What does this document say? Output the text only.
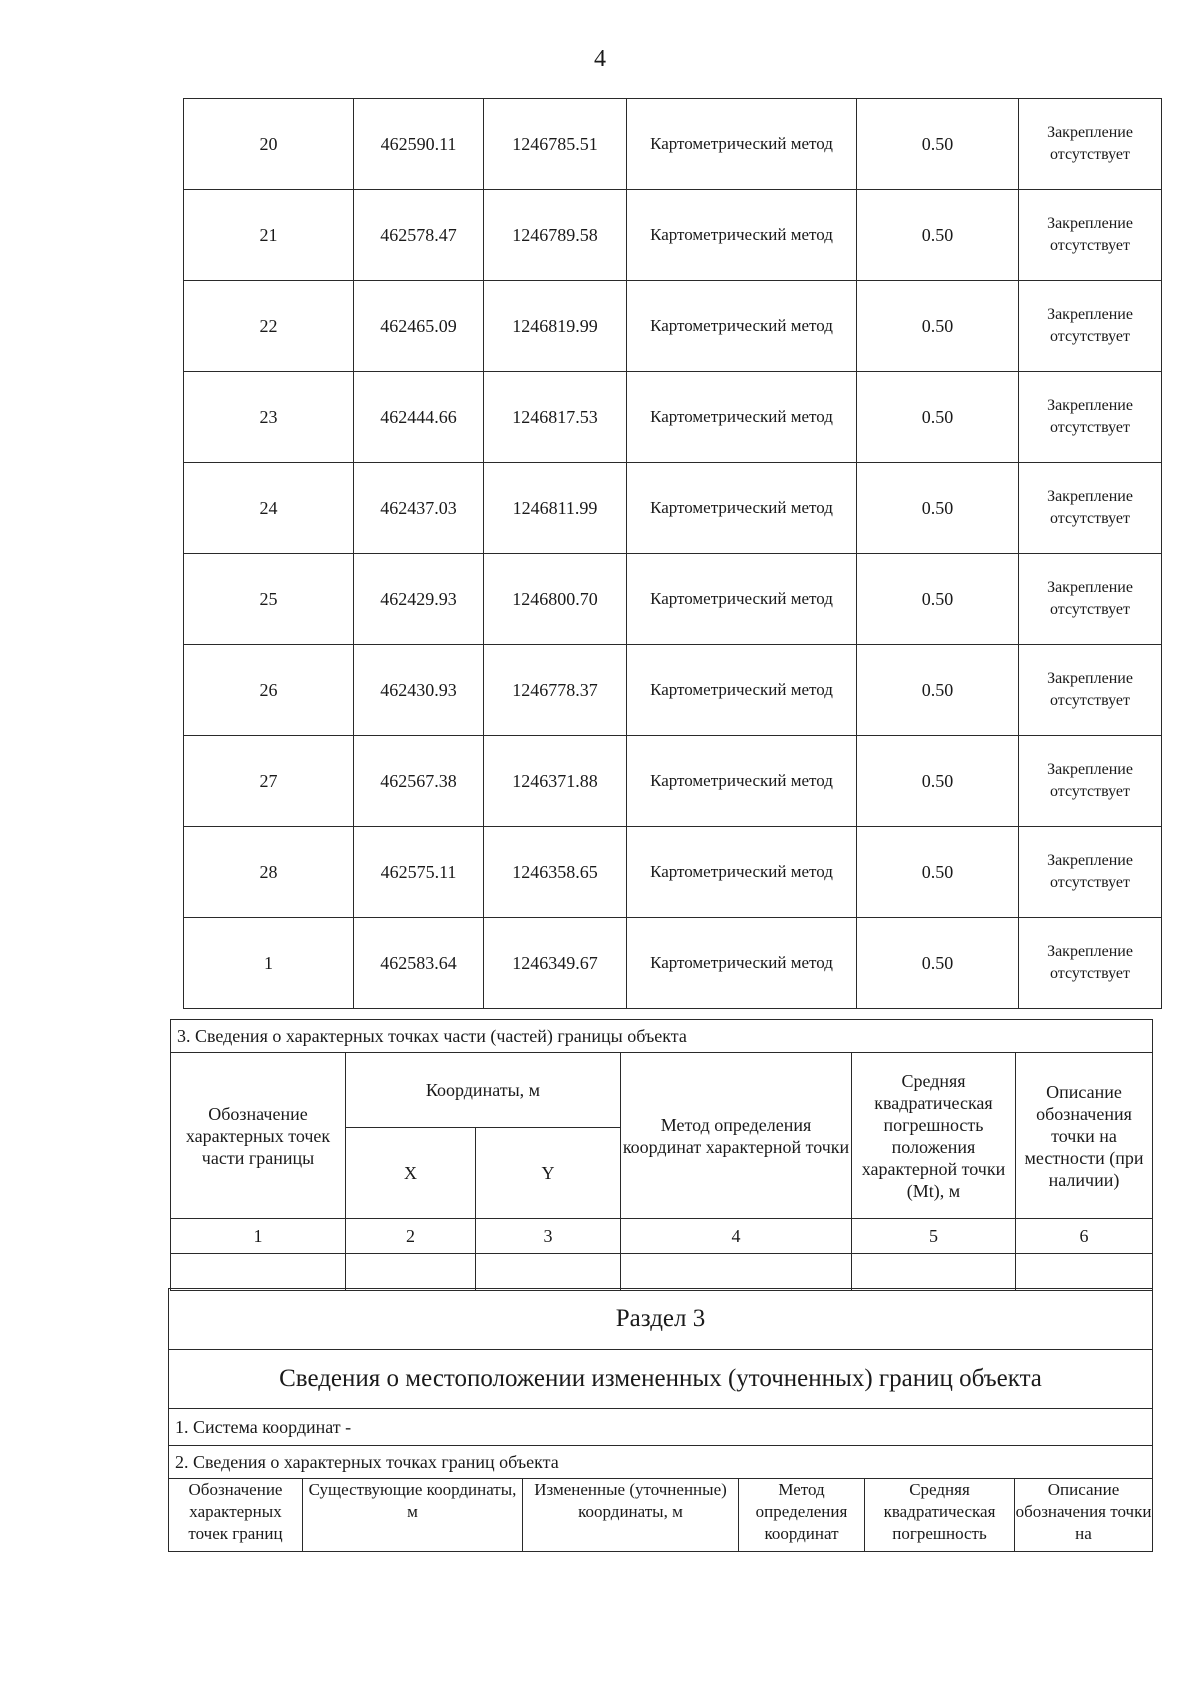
4
20	462590.11	1246785.51	Картометрический метод	0.50	Закрепление отсутствует
21	462578.47	1246789.58	Картометрический метод	0.50	Закрепление отсутствует
22	462465.09	1246819.99	Картометрический метод	0.50	Закрепление отсутствует
23	462444.66	1246817.53	Картометрический метод	0.50	Закрепление отсутствует
24	462437.03	1246811.99	Картометрический метод	0.50	Закрепление отсутствует
25	462429.93	1246800.70	Картометрический метод	0.50	Закрепление отсутствует
26	462430.93	1246778.37	Картометрический метод	0.50	Закрепление отсутствует
27	462567.38	1246371.88	Картометрический метод	0.50	Закрепление отсутствует
28	462575.11	1246358.65	Картометрический метод	0.50	Закрепление отсутствует
1	462583.64	1246349.67	Картометрический метод	0.50	Закрепление отсутствует
3. Сведения о характерных точках части (частей) границы объекта					
Обозначение характерных точек части границы	Координаты, м		Метод определения координат характерной точки	Средняя квадратическая погрешность положения характерной точки (Mt), м	Описание обозначения точки на местности (при наличии)
	X	Y			
1	2	3	4	5	6

Раздел 3
Сведения о местоположении измененных (уточненных) границ объекта
1. Система координат -
2. Сведения о характерных точках границ объекта
Обозначение характерных точек границ	Существующие координаты, м	Измененные (уточненные) координаты, м	Метод определения координат	Средняя квадратическая погрешность	Описание обозначения точки на
